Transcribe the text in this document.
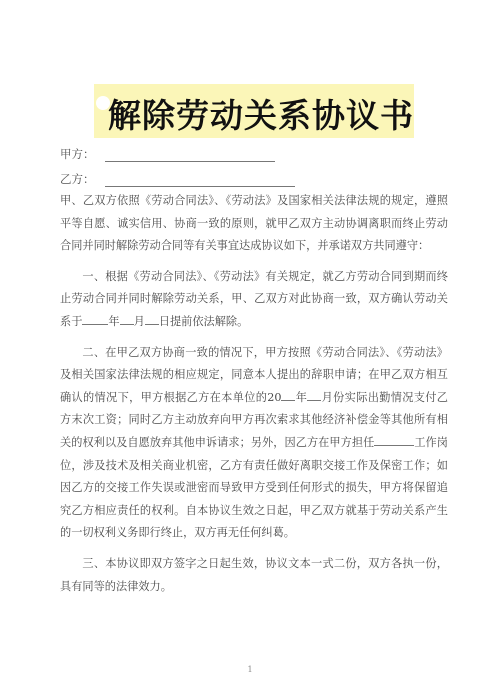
解除劳动关系协议书
甲方：
乙方：

甲、乙双方依照《劳动合同法》、《劳动法》及国家相关法律法规的规定，遵照平等自愿、诚实信用、协商一致的原则，就甲乙双方主动协调离职而终止劳动合同并同时解除劳动合同等有关事宜达成协议如下，并承诺双方共同遵守：

一、根据《劳动合同法》、《劳动法》有关规定，就乙方劳动合同到期而终止劳动合同并同时解除劳动关系，甲、乙双方对此协商一致，双方确认劳动关系于 年 月 日提前依法解除。

二、在甲乙双方协商一致的情况下，甲方按照《劳动合同法》、《劳动法》及相关国家法律法规的相应规定，同意本人提出的辞职申请；在甲乙双方相互确认的情况下，甲方根据乙方在本单位的20 年 月份实际出勤情况支付乙方末次工资；同时乙方主动放弃向甲方再次索求其他经济补偿金等其他所有相关的权利以及自愿放弃其他申诉请求；另外，因乙方在甲方担任	工作岗位，涉及技术及相关商业机密，乙方有责任做好离职交接工作及保密工作；如因乙方的交接工作失误或泄密而导致甲方受到任何形式的损失，甲方将保留追究乙方相应责任的权利。自本协议生效之日起，甲乙双方就基于劳动关系产生的一切权利义务即行终止，双方再无任何纠葛。

三、本协议即双方签字之日起生效，协议文本一式二份，双方各执一份，具有同等的法律效力。

1
